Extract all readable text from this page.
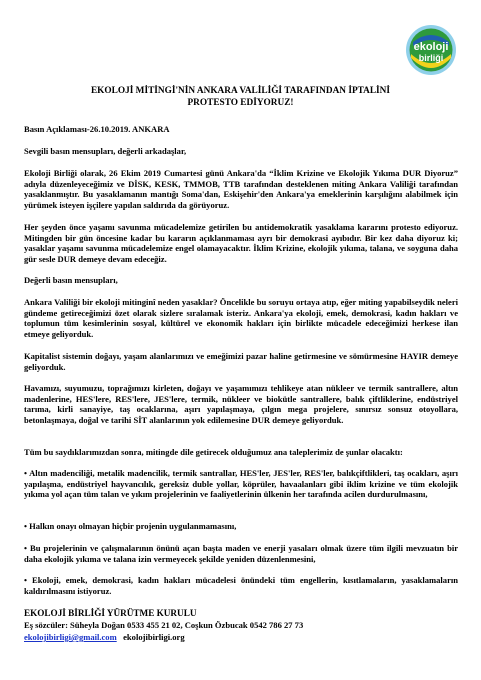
ekoloji
birliği
EKOLOJİ MİTİNGİ'NİN ANKARA VALİLİĞİ TARAFINDAN İPTALİNİ
PROTESTO EDİYORUZ!
Basın Açıklaması-26.10.2019. ANKARA
Sevgili basın mensupları, değerli arkadaşlar,
Ekoloji Birliği olarak, 26 Ekim 2019 Cumartesi günü Ankara'da “İklim Krizine ve Ekolojik Yıkıma DUR Diyoruz” adıyla düzenleyeceğimiz ve DİSK, KESK, TMMOB, TTB tarafından desteklenen miting Ankara Valiliği tarafından yasaklanmıştır. Bu yasaklamanın mantığı Soma'dan, Eskişehir'den Ankara'ya emeklerinin karşılığını alabilmek için yürümek isteyen işçilere yapılan saldırıda da görüyoruz.
Her şeyden önce yaşamı savunma mücadelemize getirilen bu antidemokratik yasaklama kararını protesto ediyoruz. Mitingden bir gün öncesine kadar bu kararın açıklanmaması ayrı bir demokrasi ayıbıdır. Bir kez daha diyoruz ki; yasaklar yaşamı savunma mücadelemize engel olamayacaktır. İklim Krizine, ekolojik yıkıma, talana, ve soyguna daha gür sesle DUR demeye devam edeceğiz.
Değerli basın mensupları,
Ankara Valiliği bir ekoloji mitinginî neden yasaklar? Öncelikle bu soruyu ortaya atıp, eğer miting yapabilseydik neleri gündeme getireceğimizi özet olarak sizlere sıralamak isteriz. Ankara'ya ekoloji, emek, demokrasi, kadın hakları ve toplumun tüm kesimlerinin sosyal, kültürel ve ekonomik hakları için birlikte mücadele edeceğimizi herkese ilan etmeye geliyorduk.
Kapitalist sistemin doğayı, yaşam alanlarımızı ve emeğimizi pazar haline getirmesine ve sömürmesine HAYIR demeye geliyorduk.
Havamızı, suyumuzu, toprağımızı kirleten, doğayı ve yaşamımızı tehlikeye atan nükleer ve termik santrallere, altın madenlerine, HES'lere, RES'lere, JES'lere, termik, nükleer ve biokütle santrallere, balık çiftliklerine, endüstriyel tarıma, kirli sanayiye, taş ocaklarına, aşırı yapılaşmaya, çılgın mega projelere, sınırsız sonsuz otoyollara, betonlaşmaya, doğal ve tarihi SİT alanlarının yok edilemesine DUR demeye geliyorduk.
Tüm bu saydıklarımızdan sonra, mitingde dile getirecek olduğumuz ana taleplerimiz de şunlar olacaktı:
• Altın madenciliği, metalik madencilik, termik santrallar, HES'ler, JES'ler, RES'ler, balıkçiftlikleri, taş ocakları, aşırı yapılaşma, endüstriyel hayvancılık, gereksiz duble yollar, köprüler, havaalanları gibi iklim krizine ve tüm ekolojik yıkıma yol açan tüm talan ve yıkım projelerinin ve faaliyetlerinin ülkenin her tarafında acilen durdurulmasını,
• Halkın onayı olmayan hiçbir projenin uygulanmamasını,
• Bu projelerinin ve çalışmalarının önünü açan başta maden ve enerji yasaları olmak üzere tüm ilgili mevzuatın bir daha ekolojik yıkıma ve talana izin vermeyecek şekilde yeniden düzenlenmesini,
• Ekoloji, emek, demokrasi, kadın hakları mücadelesi önündeki tüm engellerin, kısıtlamaların, yasaklamaların kaldırılmasını istiyoruz.
EKOLOJİ BİRLİĞİ YÜRÜTME KURULU
Eş sözcüler: Süheyla Doğan 0533 455 21 02, Coşkun Özbucak 0542 786 27 73
ekolojibirligi@gmail.com ekolojibirligi.org
